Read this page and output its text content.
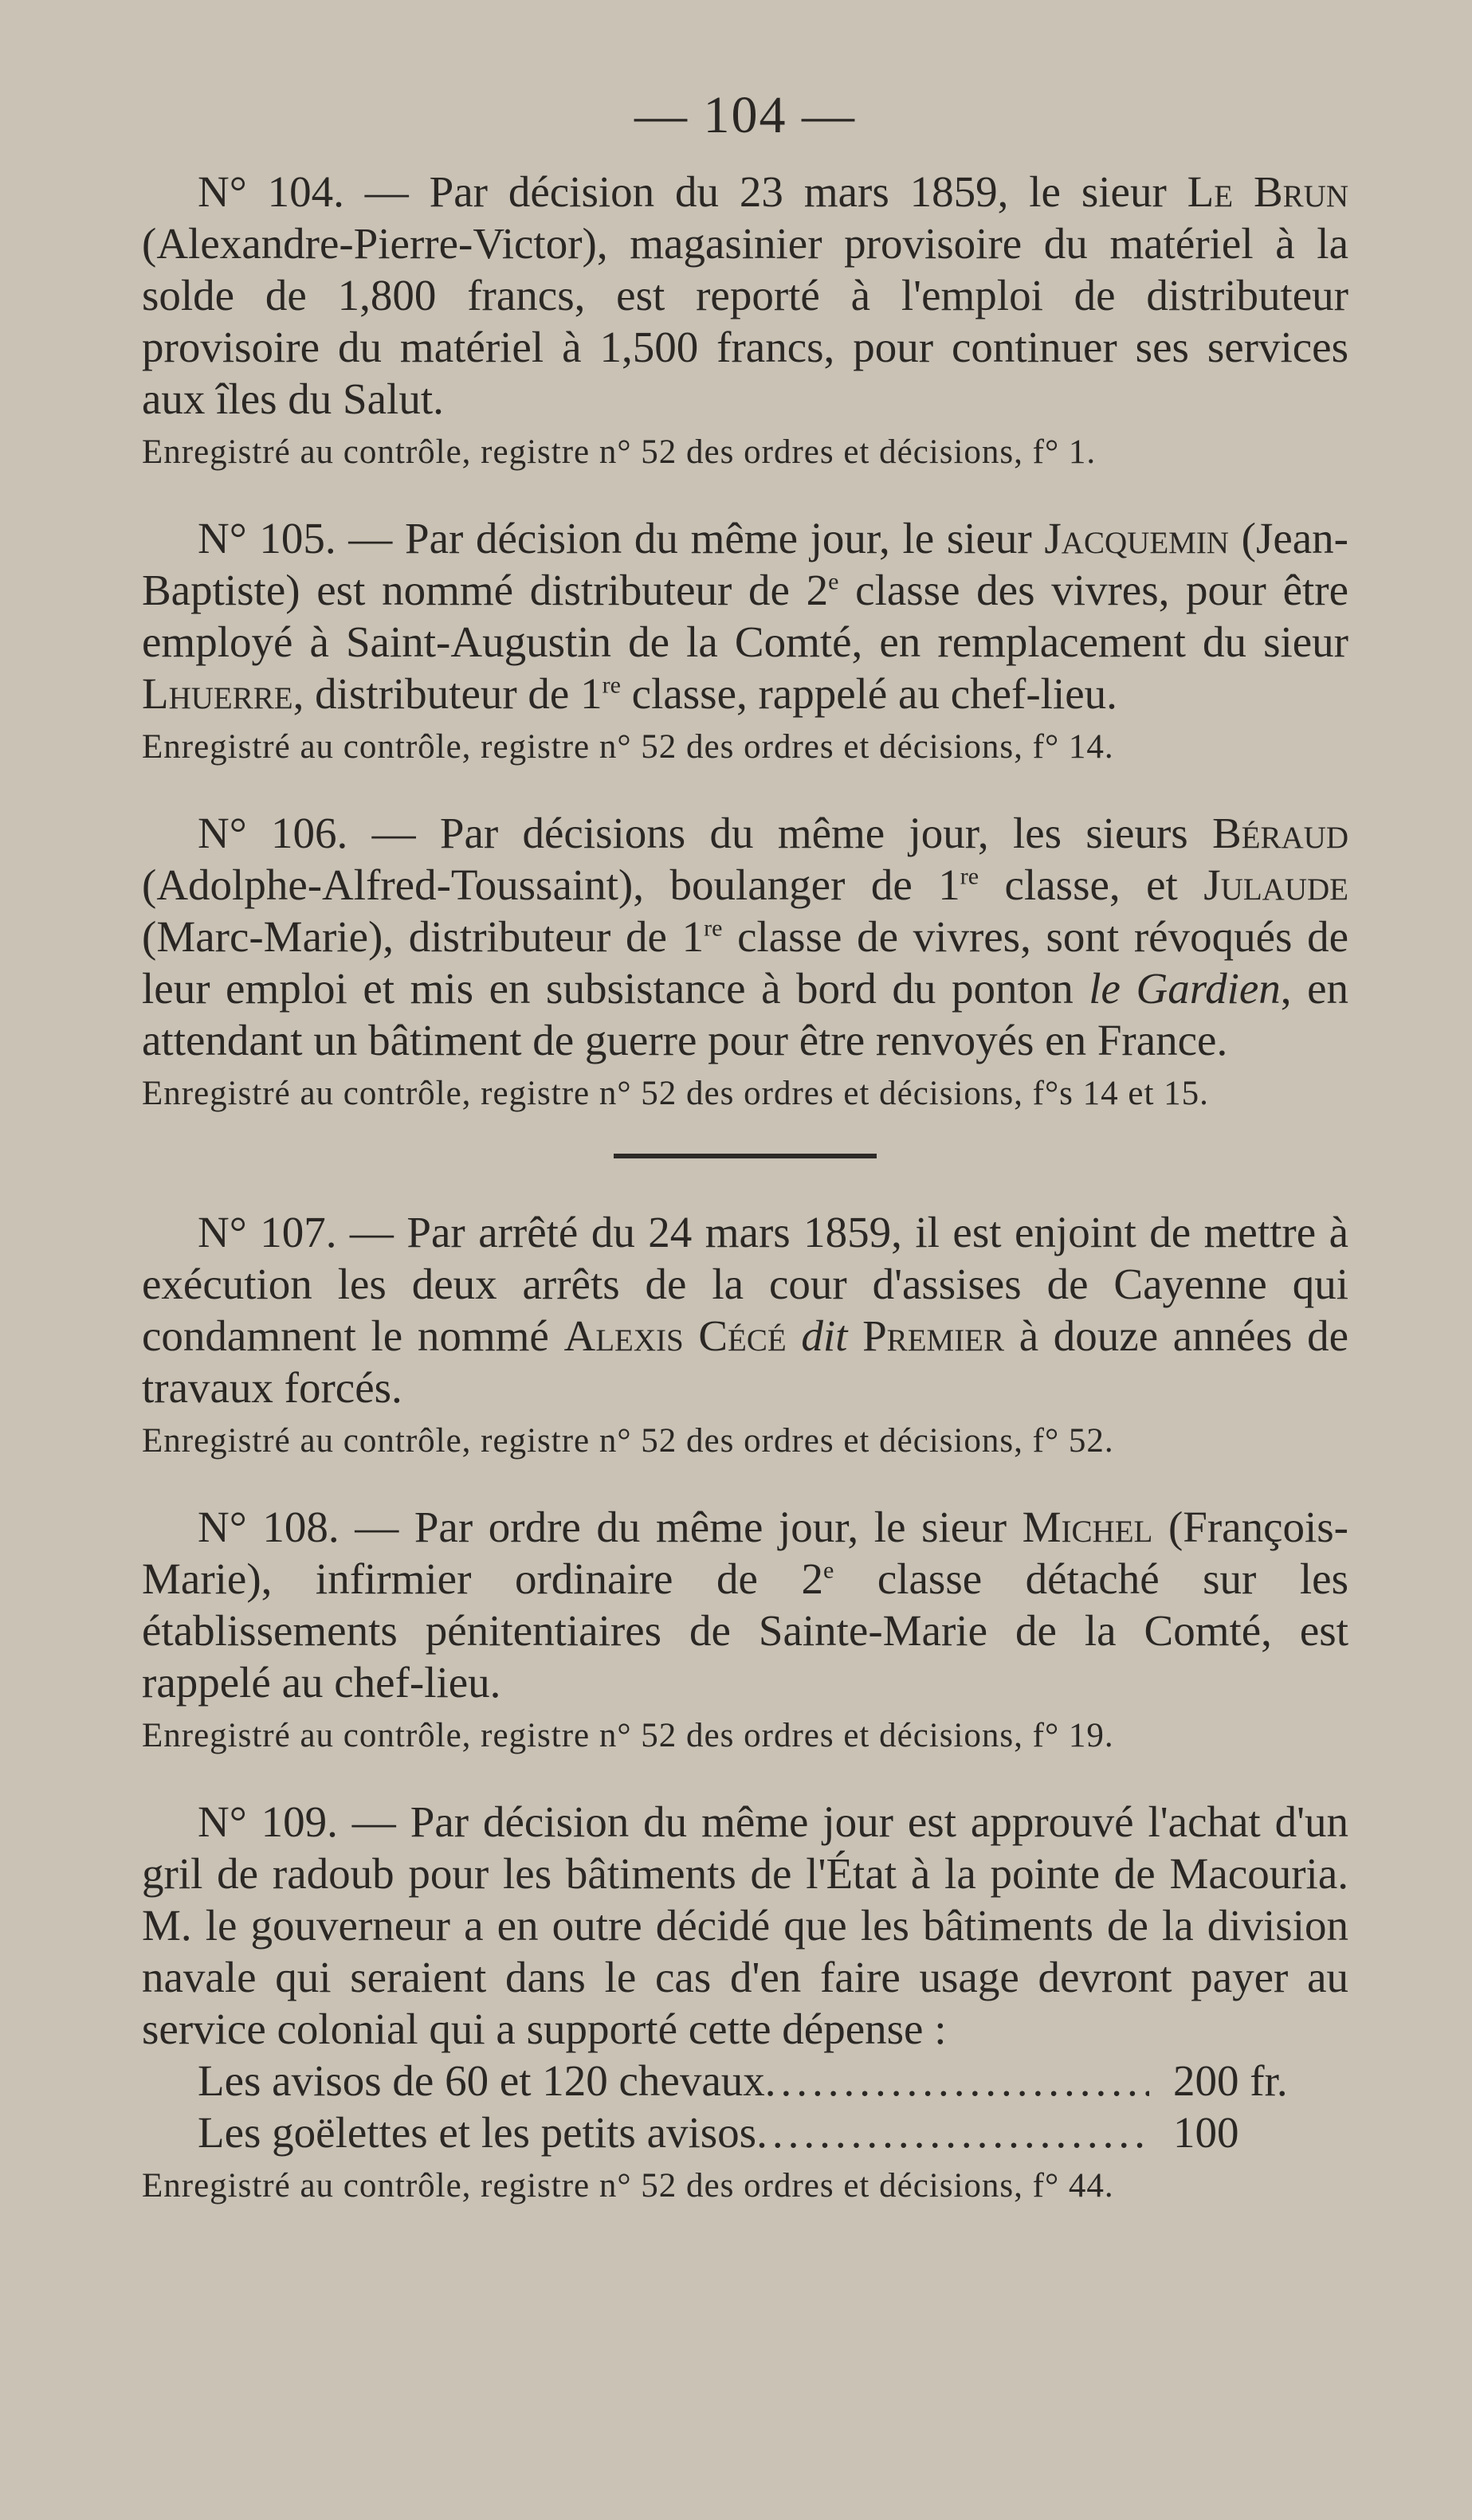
— 104 —

N° 104. — Par décision du 23 mars 1859, le sieur Le Brun (Alexandre-Pierre-Victor), magasinier provisoire du matériel à la solde de 1,800 francs, est reporté à l'emploi de distributeur provisoire du matériel à 1,500 francs, pour continuer ses services aux îles du Salut.

Enregistré au contrôle, registre n° 52 des ordres et décisions, f° 1.

N° 105. — Par décision du même jour, le sieur Jacquemin (Jean-Baptiste) est nommé distributeur de 2e classe des vivres, pour être employé à Saint-Augustin de la Comté, en remplacement du sieur Lhuerre, distributeur de 1re classe, rappelé au chef-lieu.

Enregistré au contrôle, registre n° 52 des ordres et décisions, f° 14.

N° 106. — Par décisions du même jour, les sieurs Béraud (Adolphe-Alfred-Toussaint), boulanger de 1re classe, et Julaude (Marc-Marie), distributeur de 1re classe de vivres, sont révoqués de leur emploi et mis en subsistance à bord du ponton le Gardien, en attendant un bâtiment de guerre pour être renvoyés en France.

Enregistré au contrôle, registre n° 52 des ordres et décisions, f°s 14 et 15.

N° 107. — Par arrêté du 24 mars 1859, il est enjoint de mettre à exécution les deux arrêts de la cour d'assises de Cayenne qui condamnent le nommé Alexis Cécé dit Premier à douze années de travaux forcés.

Enregistré au contrôle, registre n° 52 des ordres et décisions, f° 52.

N° 108. — Par ordre du même jour, le sieur Michel (François-Marie), infirmier ordinaire de 2e classe détaché sur les établissements pénitentiaires de Sainte-Marie de la Comté, est rappelé au chef-lieu.

Enregistré au contrôle, registre n° 52 des ordres et décisions, f° 19.

N° 109. — Par décision du même jour est approuvé l'achat d'un gril de radoub pour les bâtiments de l'État à la pointe de Macouria. M. le gouverneur a en outre décidé que les bâtiments de la division navale qui seraient dans le cas d'en faire usage devront payer au service colonial qui a supporté cette dépense :

Les avisos de 60 et 120 chevaux .....	200 fr.
Les goëlettes et les petits avisos .....	100

Enregistré au contrôle, registre n° 52 des ordres et décisions, f° 44.
